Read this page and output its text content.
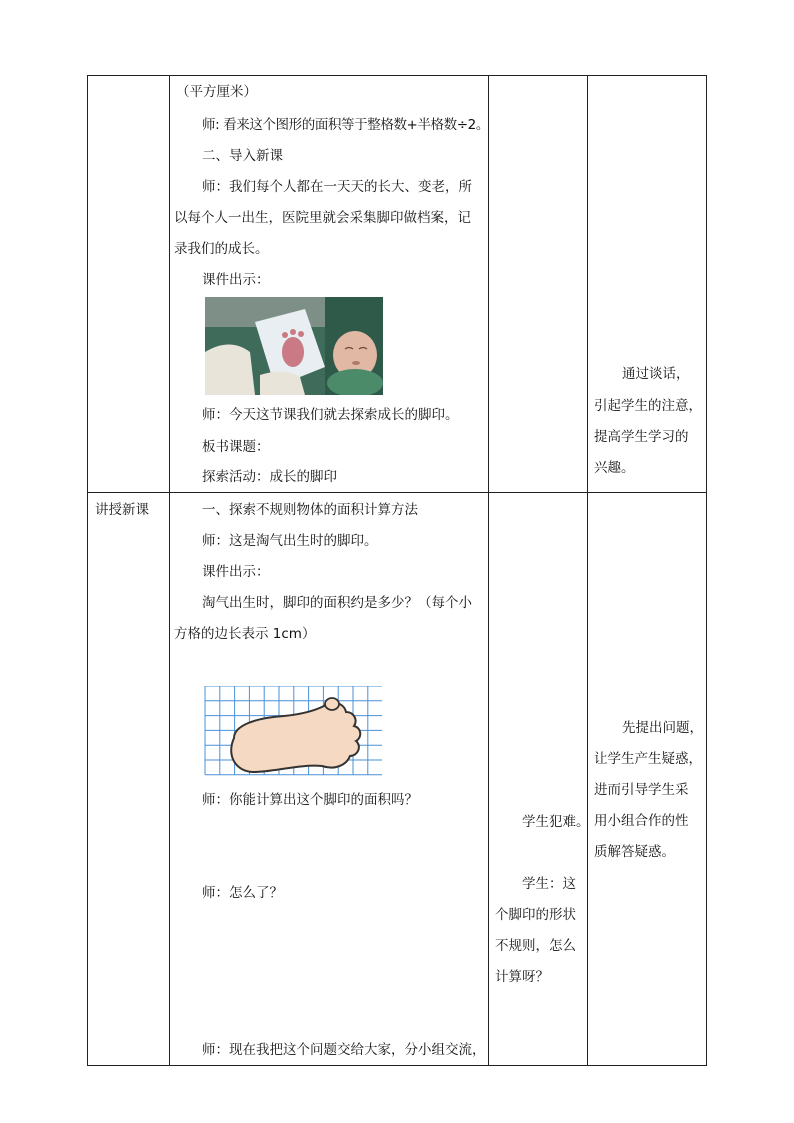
（平方厘米）
师: 看来这个图形的面积等于整格数+半格数÷2。
二、导入新课
师：我们每个人都在一天天的长大、变老，所
以每个人一出生，医院里就会采集脚印做档案，记
录我们的成长。
课件出示：
师：今天这节课我们就去探索成长的脚印。
板书课题：
探索活动：成长的脚印
通过谈话，
引起学生的注意，
提高学生学习的
兴趣。
讲授新课	一、探索不规则物体的面积计算方法
师：这是淘气出生时的脚印。
课件出示：
淘气出生时，脚印的面积约是多少？（每个小
方格的边长表示 1cm）
师：你能计算出这个脚印的面积吗？
师：怎么了？
师：现在我把这个问题交给大家，分小组交流，
学生犯难。
学生：这
个脚印的形状
不规则，怎么
计算呀？
先提出问题，
让学生产生疑惑，
进而引导学生采
用小组合作的性
质解答疑惑。
